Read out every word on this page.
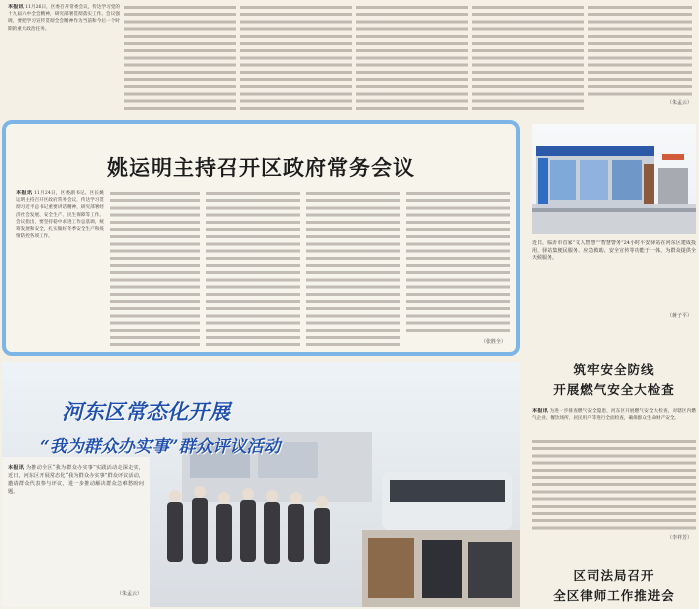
本报讯 11月26日，区委召开常委会议，传达学习党的十九届六中全会精神，研究部署贯彻落实工作。会议强调，要把学习宣传贯彻全会精神作为当前和今后一个时期的重大政治任务。
（朱孟云）
姚运明主持召开区政府常务会议
本报讯 11月24日，区委副书记、区长姚运明主持召开区政府常务会议，传达学习贯彻习近平总书记重要讲话精神，研究部署经济社会发展、安全生产、民生保障等工作。会议指出，要坚持稳中求进工作总基调，统筹发展和安全，扎实做好冬季安全生产和疫情防控各项工作。
（张胜全）
近日，临沂市首家“文人智慧”“智慧警务”24小时平安驿站在河东区建成投用，驿站集便民服务、应急救助、安全宣传等功能于一体，为群众提供全天候服务。
（蒋子平）
筑牢安全防线
开展燃气安全大检查
本报讯 为进一步排查燃气安全隐患，河东区开展燃气安全大检查，对辖区内燃气企业、餐饮场所、居民用户等进行全面检查，确保群众生命财产安全。
（李祥芳）
区司法局召开
全区律师工作推进会
河东区常态化开展
“我为群众办实事”群众评议活动
本报讯 为推动全区“我为群众办实事”实践活动走深走实，近日，河东区开展常态化“我为群众办实事”群众评议活动，邀请群众代表参与评议，进一步推动解决群众急难愁盼问题。
（朱孟云）
